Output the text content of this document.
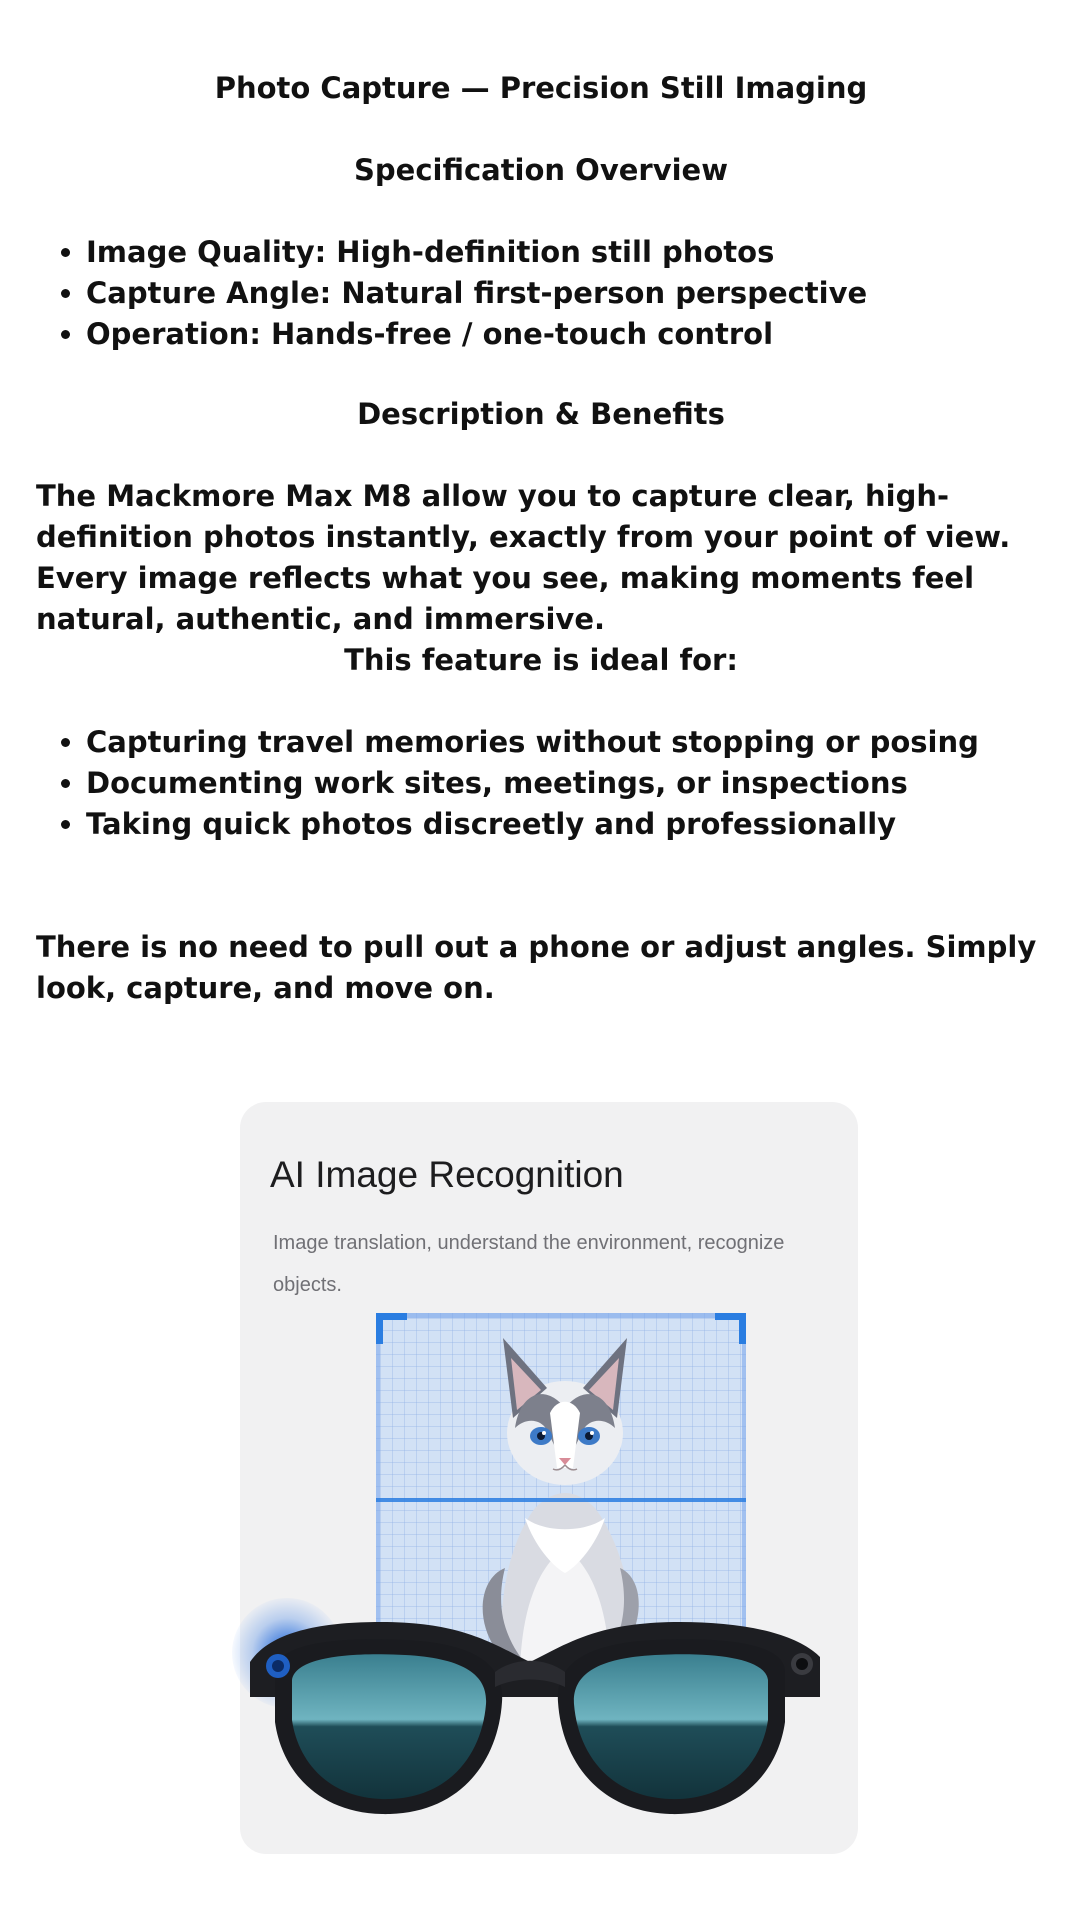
Photo Capture — Precision Still Imaging
Specification Overview
• Image Quality: High-definition still photos
• Capture Angle: Natural first-person perspective
• Operation: Hands-free / one-touch control
Description & Benefits

The Mackmore Max M8 allow you to capture clear, high-definition photos instantly, exactly from your point of view. Every image reflects what you see, making moments feel natural, authentic, and immersive.

This feature is ideal for:
• Capturing travel memories without stopping or posing
• Documenting work sites, meetings, or inspections
• Taking quick photos discreetly and professionally

There is no need to pull out a phone or adjust angles. Simply look, capture, and move on.

AI Image Recognition
Image translation, understand the environment, recognize objects.
